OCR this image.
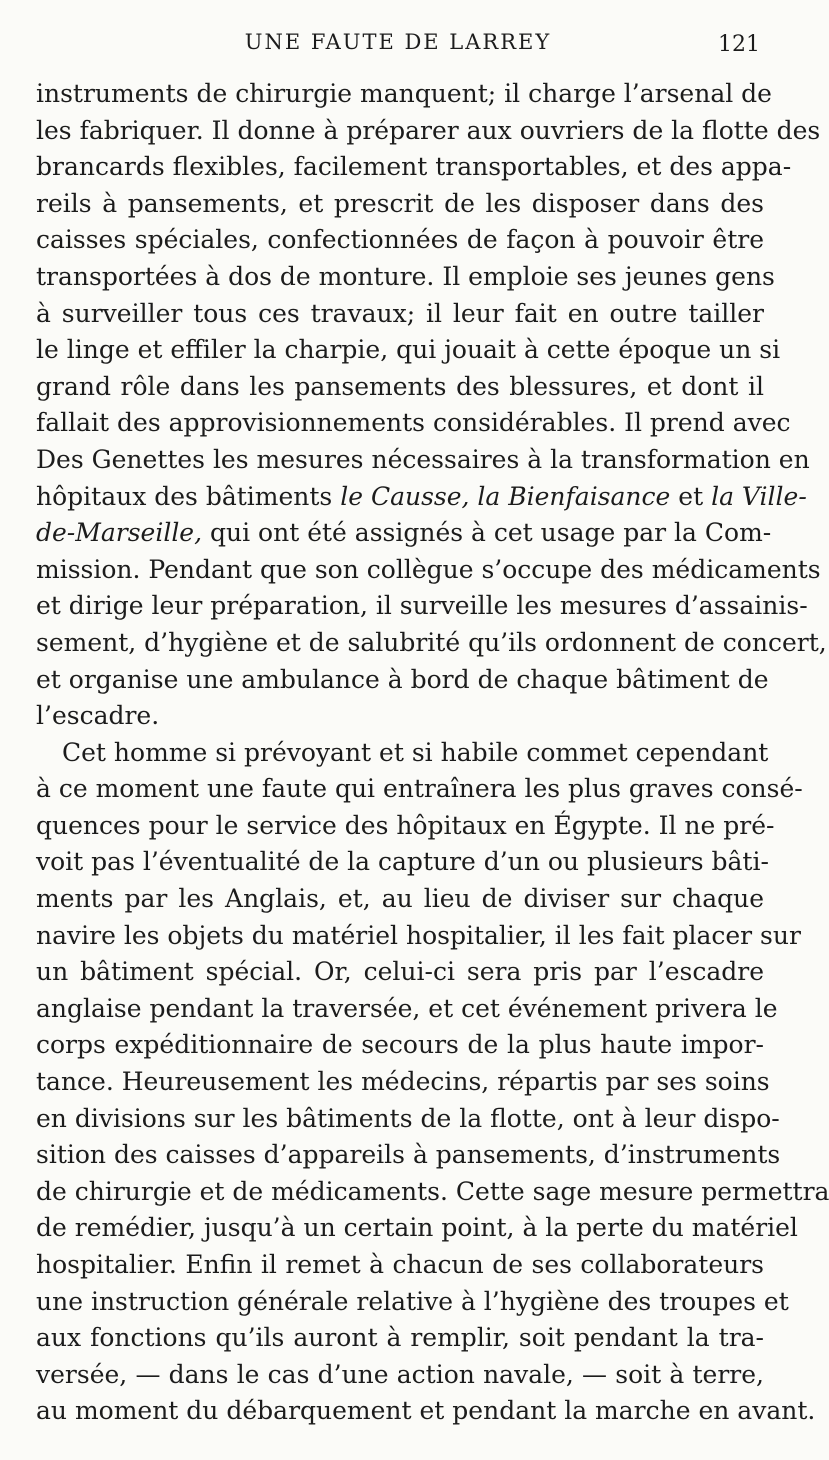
UNE FAUTE DE LARREY	121
instruments de chirurgie manquent; il charge l’arsenal de
les fabriquer. Il donne à préparer aux ouvriers de la flotte des
brancards flexibles, facilement transportables, et des appa-
reils à pansements, et prescrit de les disposer dans des
caisses spéciales, confectionnées de façon à pouvoir être
transportées à dos de monture. Il emploie ses jeunes gens
à surveiller tous ces travaux; il leur fait en outre tailler
le linge et effiler la charpie, qui jouait à cette époque un si
grand rôle dans les pansements des blessures, et dont il
fallait des approvisionnements considérables. Il prend avec
Des Genettes les mesures nécessaires à la transformation en
hôpitaux des bâtiments le Causse, la Bienfaisance et la Ville-
de-Marseille, qui ont été assignés à cet usage par la Com-
mission. Pendant que son collègue s’occupe des médicaments
et dirige leur préparation, il surveille les mesures d’assainis-
sement, d’hygiène et de salubrité qu’ils ordonnent de concert,
et organise une ambulance à bord de chaque bâtiment de
l’escadre.
Cet homme si prévoyant et si habile commet cependant
à ce moment une faute qui entraînera les plus graves consé-
quences pour le service des hôpitaux en Égypte. Il ne pré-
voit pas l’éventualité de la capture d’un ou plusieurs bâti-
ments par les Anglais, et, au lieu de diviser sur chaque
navire les objets du matériel hospitalier, il les fait placer sur
un bâtiment spécial. Or, celui-ci sera pris par l’escadre
anglaise pendant la traversée, et cet événement privera le
corps expéditionnaire de secours de la plus haute impor-
tance. Heureusement les médecins, répartis par ses soins
en divisions sur les bâtiments de la flotte, ont à leur dispo-
sition des caisses d’appareils à pansements, d’instruments
de chirurgie et de médicaments. Cette sage mesure permettra
de remédier, jusqu’à un certain point, à la perte du matériel
hospitalier. Enfin il remet à chacun de ses collaborateurs
une instruction générale relative à l’hygiène des troupes et
aux fonctions qu’ils auront à remplir, soit pendant la tra-
versée, — dans le cas d’une action navale, — soit à terre,
au moment du débarquement et pendant la marche en avant.
